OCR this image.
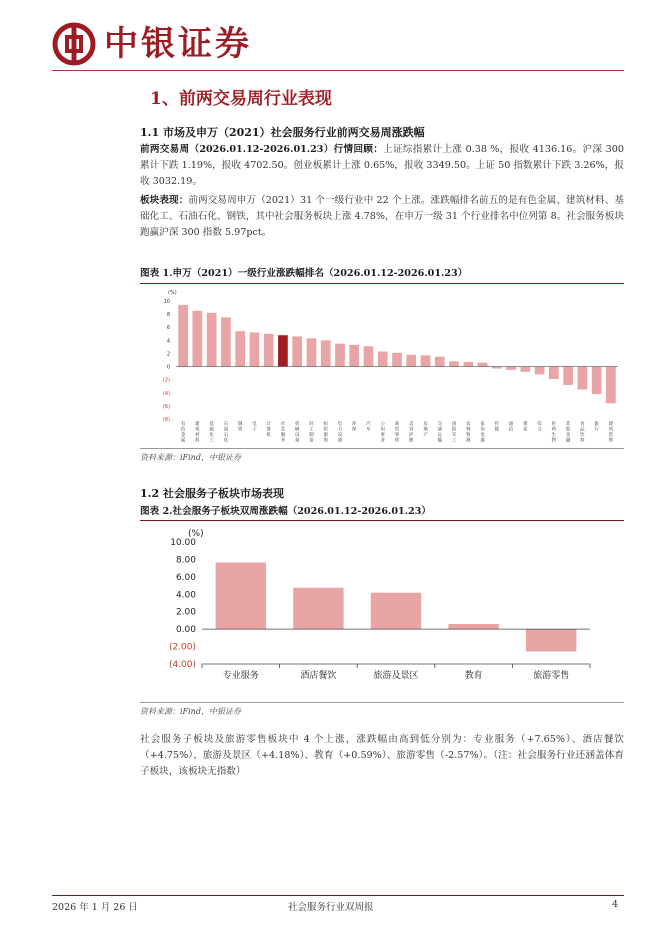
中银证券
1、前两交易周行业表现
1.1 市场及申万（2021）社会服务行业前两交易周涨跌幅
前两交易周（2026.01.12-2026.01.23）行情回顾：上证综指累计上涨 0.38 %，报收 4136.16。沪深 300 累计下跌 1.19%，报收 4702.50。创业板累计上涨 0.65%，报收 3349.50。上证 50 指数累计下跌 3.26%，报收 3032.19。
板块表现：前两交易周申万（2021）31 个一级行业中 22 个上涨。涨跌幅排名前五的是有色金属、建筑材料、基础化工、石油石化、钢铁，其中社会服务板块上涨 4.78%，在申万一级 31 个行业排名中位列第 8。社会服务板块跑赢沪深 300 指数 5.97pct。
图表 1.申万（2021）一级行业涨跌幅排名（2026.01.12-2026.01.23）
(%)
10
8
6
4
2
0
(2)
(4)
(6)
(8)
有
色
金
属
建
筑
材
料
基
础
化
工
石
油
石
化
钢
铁
电
子
计
算
机
社
会
服
务
机
械
设
备
轻
工
制
造
纺
织
服
饰
电
力
设
备
环
保
汽
车
公
用
事
业
商
贸
零
售
美
容
护
理
房
地
产
交
通
运
输
国
防
军
工
农
林
牧
渔
家
用
电
器
传
媒
通
信
煤
炭
综
合
医
药
生
物
非
银
金
融
食
品
饮
料
银
行
建
筑
装
饰
资料来源：iFind，中银证券
1.2 社会服务子板块市场表现
图表 2.社会服务子板块双周涨跌幅（2026.01.12-2026.01.23）
(%)
10.00
8.00
6.00
4.00
2.00
0.00
(2.00)
(4.00)
专业服务	酒店餐饮	旅游及景区	教育	旅游零售
资料来源：iFind，中银证券
社会服务子板块及旅游零售板块中 4 个上涨，涨跌幅由高到低分别为：专业服务（+7.65%）、酒店餐饮（+4.75%）、旅游及景区（+4.18%）、教育（+0.59%）、旅游零售（-2.57%）。（注：社会服务行业还涵盖体育子板块，该板块无指数）
2026 年 1 月 26 日	社会服务行业双周报	4
